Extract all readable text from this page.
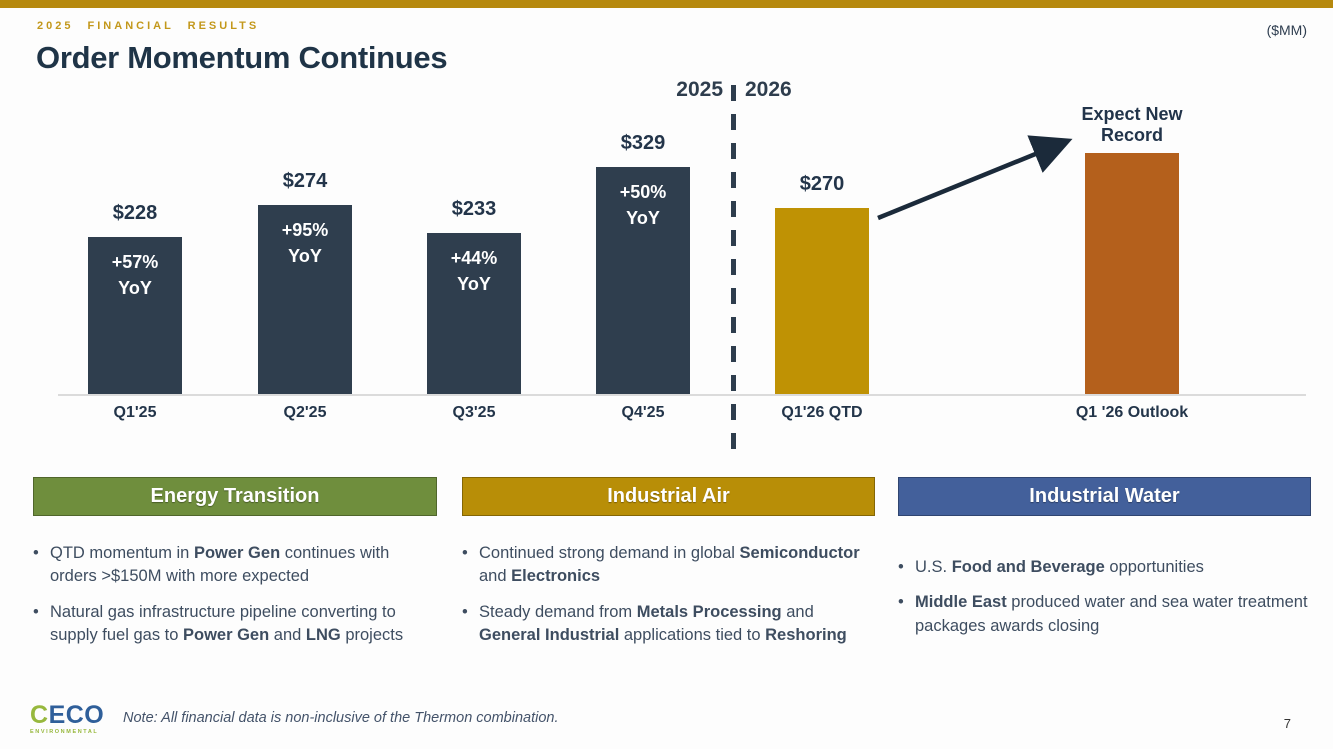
2025 FINANCIAL RESULTS	($MM)
Order Momentum Continues
2025 2026
Expect New
Record
$228
+57%
YoY
Q1'25
$274
+95%
YoY
Q2'25
$233
+44%
YoY
Q3'25
$329
+50%
YoY
Q4'25
$270
Q1'26 QTD	Q1 '26 Outlook
Energy Transition
• QTD momentum in Power Gen continues with orders >$150M with more expected
• Natural gas infrastructure pipeline converting to supply fuel gas to Power Gen and LNG projects
Industrial Air
• Continued strong demand in global Semiconductor and Electronics
• Steady demand from Metals Processing and General Industrial applications tied to Reshoring
Industrial Water
• U.S. Food and Beverage opportunities
• Middle East produced water and sea water treatment packages awards closing
CECO
ENVIRONMENTAL
Note: All financial data is non-inclusive of the Thermon combination.	7
